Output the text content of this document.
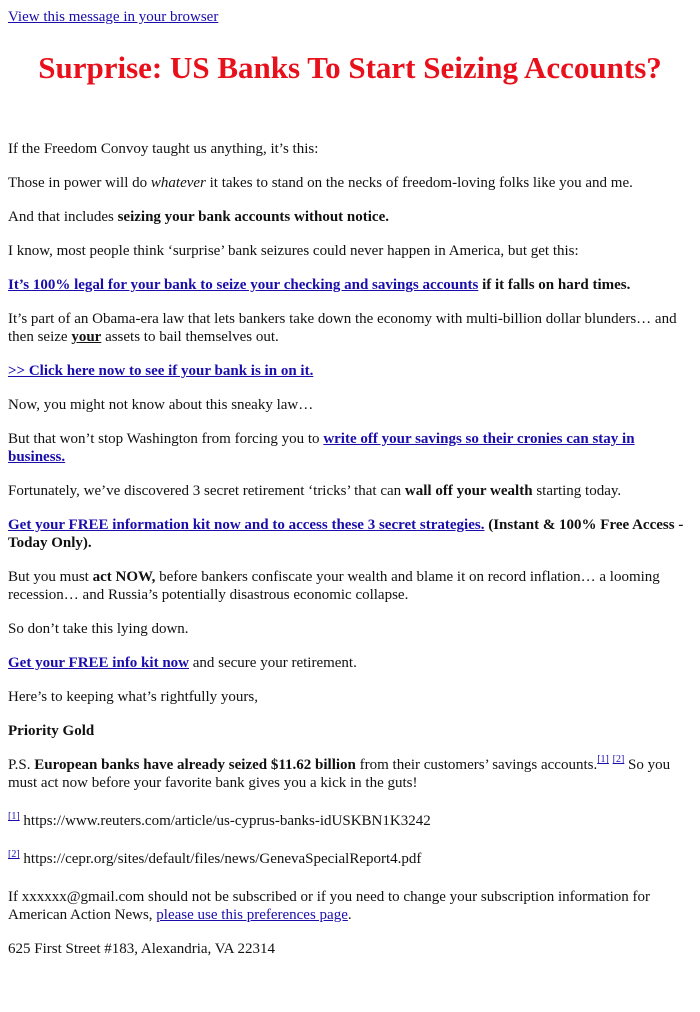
View this message in your browser
Surprise: US Banks To Start Seizing Accounts?

If the Freedom Convoy taught us anything, it’s this:

Those in power will do whatever it takes to stand on the necks of freedom-loving folks like you and me.

And that includes seizing your bank accounts without notice.

I know, most people think ‘surprise’ bank seizures could never happen in America, but get this:

It’s 100% legal for your bank to seize your checking and savings accounts if it falls on hard times.

It’s part of an Obama-era law that lets bankers take down the economy with multi-billion dollar blunders… and then seize your assets to bail themselves out.

>> Click here now to see if your bank is in on it.

Now, you might not know about this sneaky law…

But that won’t stop Washington from forcing you to write off your savings so their cronies can stay in business.

Fortunately, we’ve discovered 3 secret retirement ‘tricks’ that can wall off your wealth starting today.

Get your FREE information kit now and to access these 3 secret strategies. (Instant & 100% Free Access - Today Only).

But you must act NOW, before bankers confiscate your wealth and blame it on record inflation… a looming recession… and Russia’s potentially disastrous economic collapse.

So don’t take this lying down.

Get your FREE info kit now and secure your retirement.

Here’s to keeping what’s rightfully yours,

Priority Gold

P.S. European banks have already seized $11.62 billion from their customers’ savings accounts.[1] [2] So you must act now before your favorite bank gives you a kick in the guts!

[1] https://www.reuters.com/article/us-cyprus-banks-idUSKBN1K3242

[2] https://cepr.org/sites/default/files/news/GenevaSpecialReport4.pdf

If xxxxxx@gmail.com should not be subscribed or if you need to change your subscription information for American Action News, please use this preferences page.

625 First Street #183, Alexandria, VA 22314
